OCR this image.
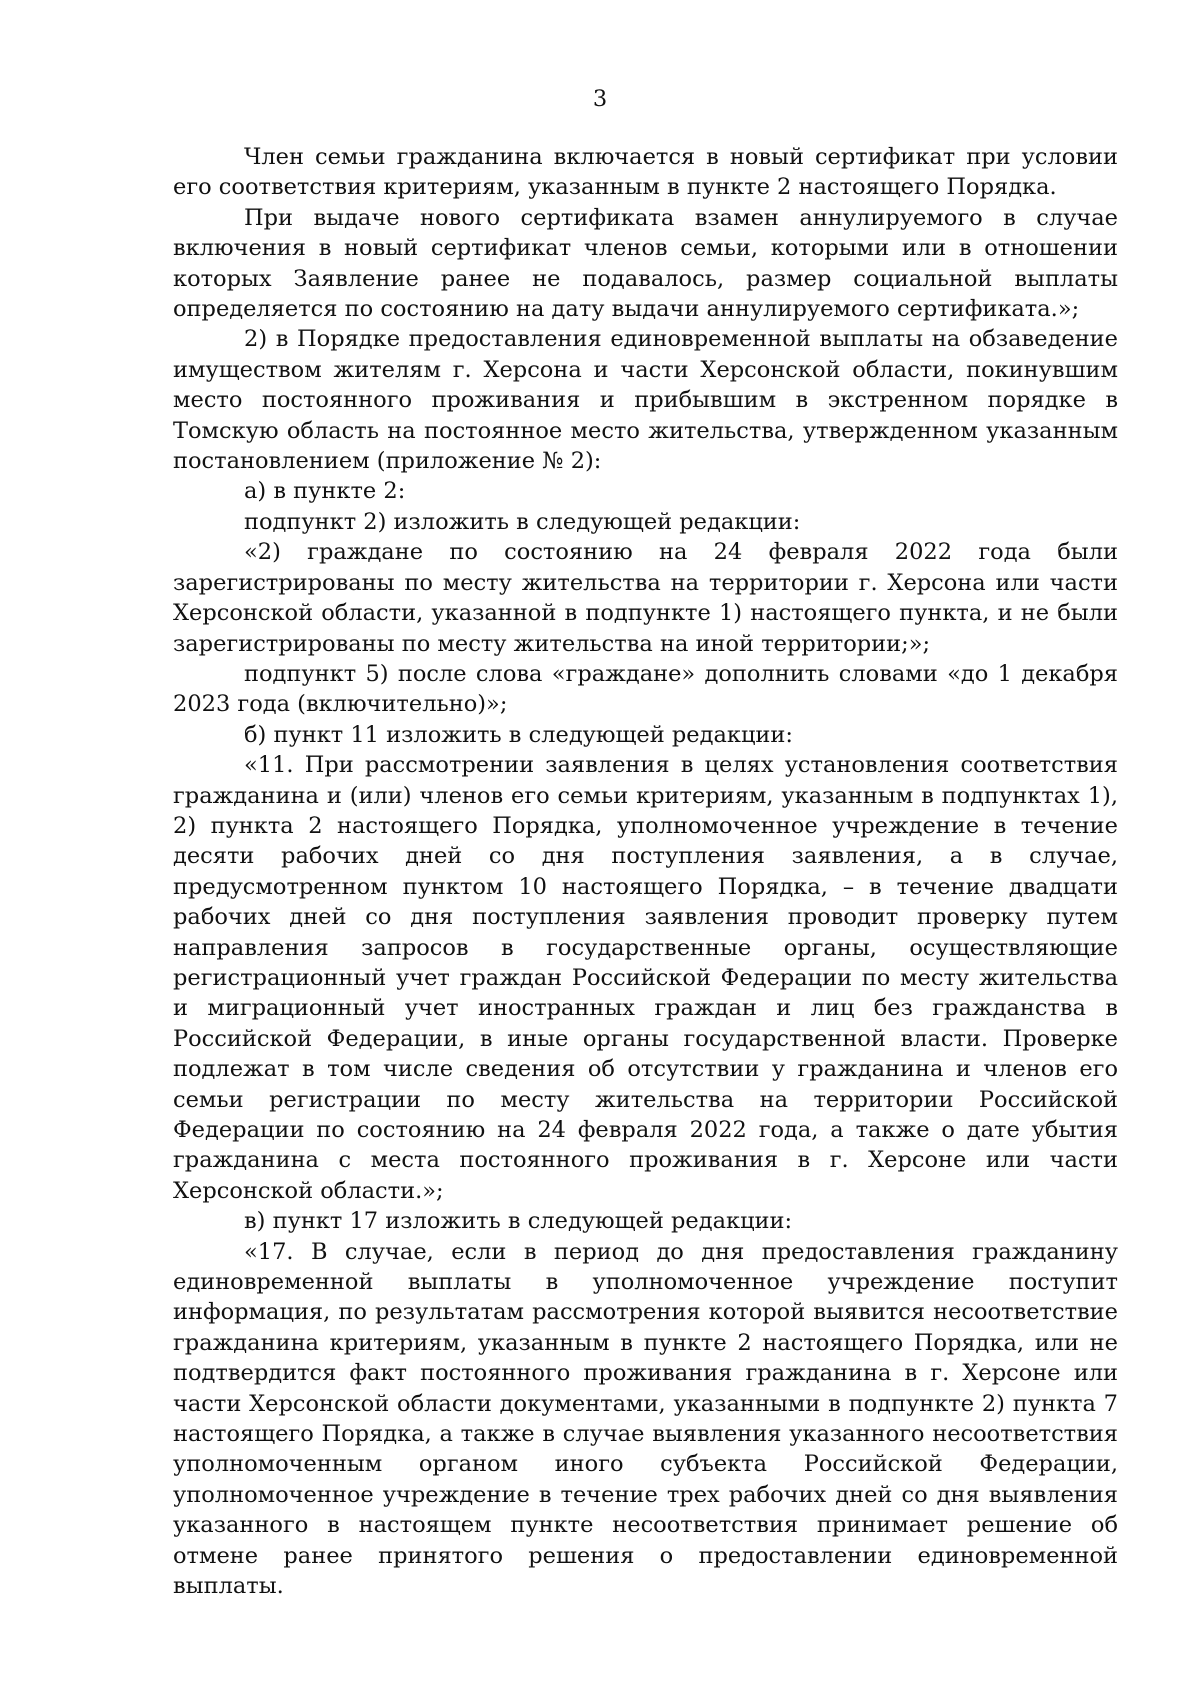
3

Член семьи гражданина включается в новый сертификат при условии его соответствия критериям, указанным в пункте 2 настоящего Порядка.

При выдаче нового сертификата взамен аннулируемого в случае включения в новый сертификат членов семьи, которыми или в отношении которых Заявление ранее не подавалось, размер социальной выплаты определяется по состоянию на дату выдачи аннулируемого сертификата.»;

2) в Порядке предоставления единовременной выплаты на обзаведение имуществом жителям г. Херсона и части Херсонской области, покинувшим место постоянного проживания и прибывшим в экстренном порядке в Томскую область на постоянное место жительства, утвержденном указанным постановлением (приложение № 2):

а) в пункте 2:

подпункт 2) изложить в следующей редакции:

«2) граждане по состоянию на 24 февраля 2022 года были зарегистрированы по месту жительства на территории г. Херсона или части Херсонской области, указанной в подпункте 1) настоящего пункта, и не были зарегистрированы по месту жительства на иной территории;»;

подпункт 5) после слова «граждане» дополнить словами «до 1 декабря 2023 года (включительно)»;

б) пункт 11 изложить в следующей редакции:

«11. При рассмотрении заявления в целях установления соответствия гражданина и (или) членов его семьи критериям, указанным в подпунктах 1), 2) пункта 2 настоящего Порядка, уполномоченное учреждение в течение десяти рабочих дней со дня поступления заявления, а в случае, предусмотренном пунктом 10 настоящего Порядка, – в течение двадцати рабочих дней со дня поступления заявления проводит проверку путем направления запросов в государственные органы, осуществляющие регистрационный учет граждан Российской Федерации по месту жительства и миграционный учет иностранных граждан и лиц без гражданства в Российской Федерации, в иные органы государственной власти. Проверке подлежат в том числе сведения об отсутствии у гражданина и членов его семьи регистрации по месту жительства на территории Российской Федерации по состоянию на 24 февраля 2022 года, а также о дате убытия гражданина с места постоянного проживания в г. Херсоне или части Херсонской области.»;

в) пункт 17 изложить в следующей редакции:

«17. В случае, если в период до дня предоставления гражданину единовременной выплаты в уполномоченное учреждение поступит информация, по результатам рассмотрения которой выявится несоответствие гражданина критериям, указанным в пункте 2 настоящего Порядка, или не подтвердится факт постоянного проживания гражданина в г. Херсоне или части Херсонской области документами, указанными в подпункте 2) пункта 7 настоящего Порядка, а также в случае выявления указанного несоответствия уполномоченным органом иного субъекта Российской Федерации, уполномоченное учреждение в течение трех рабочих дней со дня выявления указанного в настоящем пункте несоответствия принимает решение об отмене ранее принятого решения о предоставлении единовременной выплаты.
